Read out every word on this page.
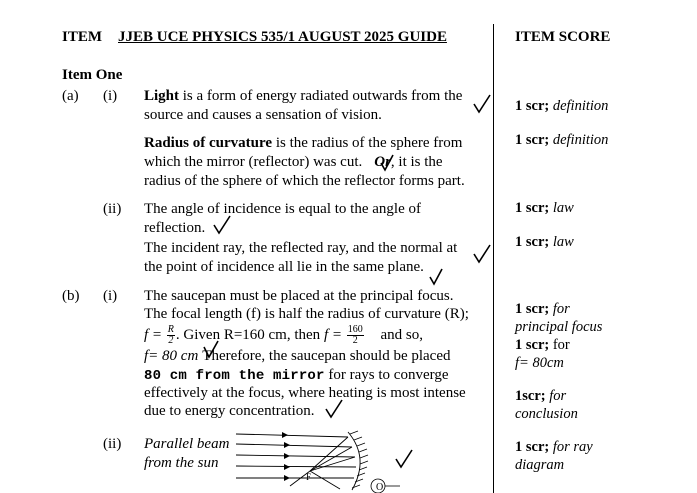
ITEM JJEB UCE PHYSICS 535/1 AUGUST 2025 GUIDE	ITEM SCORE
Item One
(a) (i) Light is a form of energy radiated outwards from the
source and causes a sensation of vision.
Radius of curvature is the radius of the sphere from
which the mirror (reflector) was cut. Or, it is the
radius of the sphere of which the reflector forms part.
(ii) The angle of incidence is equal to the angle of
reflection.
The incident ray, the reflected ray, and the normal at
the point of incidence all lie in the same plane.
(b) (i) The saucepan must be placed at the principal focus.
The focal length (f) is half the radius of curvature (R);
$f = \frac{R}{2}$ . Given R=160 cm, then $f = \frac{160}{2}$ and so,
f= 80 cm Therefore, the saucepan should be placed
80 cm from the mirror for rays to converge
effectively at the focus, where heating is most intense
due to energy concentration.
(ii) Parallel beam
from the sun
F
O
1 scr; definition
1 scr; definition
1 scr; law
1 scr; law
1 scr; for
principal focus
1 scr; for
f= 80cm
1scr; for
conclusion
1 scr; for ray
diagram
